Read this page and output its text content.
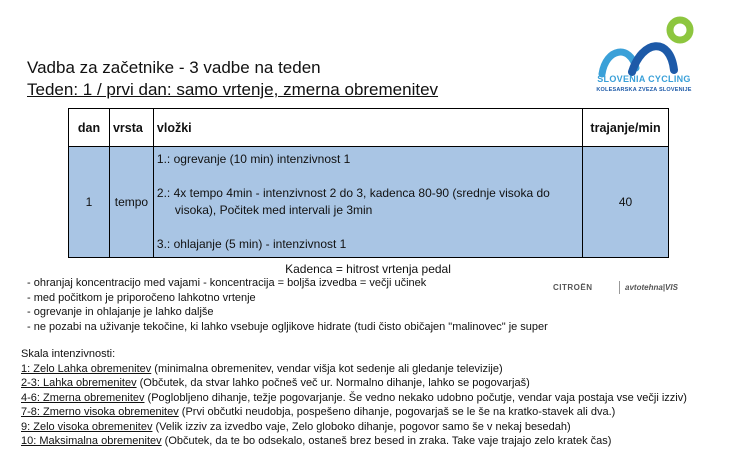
Vadba za začetnike - 3 vadbe na teden
Teden: 1 / prvi dan: samo vrtenje, zmerna obremenitev
SLOVENIA CYCLING
KOLESARSKA ZVEZA SLOVENIJE
dan	vrsta	vložki	trajanje/min
1	tempo	1.: ogrevanje (10 min) intenzivnost 1
2.: 4x tempo 4min - intenzivnost 2 do 3, kadenca 80-90 (srednje visoka do
visoka), Počitek med intervali je 3min
3.: ohlajanje (5 min) - intenzivnost 1	40
Kadenca = hitrost vrtenja pedal
- ohranjaj koncentracijo med vajami - koncentracija = boljša izvedba = večji učinek
- med počitkom je priporočeno lahkotno vrtenje
- ogrevanje in ohlajanje je lahko daljše
- ne pozabi na uživanje tekočine, ki lahko vsebuje ogljikove hidrate (tudi čisto običajen "malinovec" je super
CITROËN	avtotehna|VIS
Skala intenzivnosti:
1: Zelo Lahka obremenitev (minimalna obremenitev, vendar višja kot sedenje ali gledanje televizije)
2-3: Lahka obremenitev (Občutek, da stvar lahko počneš več ur. Normalno dihanje, lahko se pogovarjaš)
4-6: Zmerna obremenitev (Poglobljeno dihanje, težje pogovarjanje. Še vedno nekako udobno počutje, vendar vaja postaja vse večji izziv)
7-8: Zmerno visoka obremenitev (Prvi občutki neudobja, pospešeno dihanje, pogovarjaš se le še na kratko-stavek ali dva.)
9: Zelo visoka obremenitev (Velik izziv za izvedbo vaje, Zelo globoko dihanje, pogovor samo še v nekaj besedah)
10: Maksimalna obremenitev (Občutek, da te bo odsekalo, ostaneš brez besed in zraka. Take vaje trajajo zelo kratek čas)
